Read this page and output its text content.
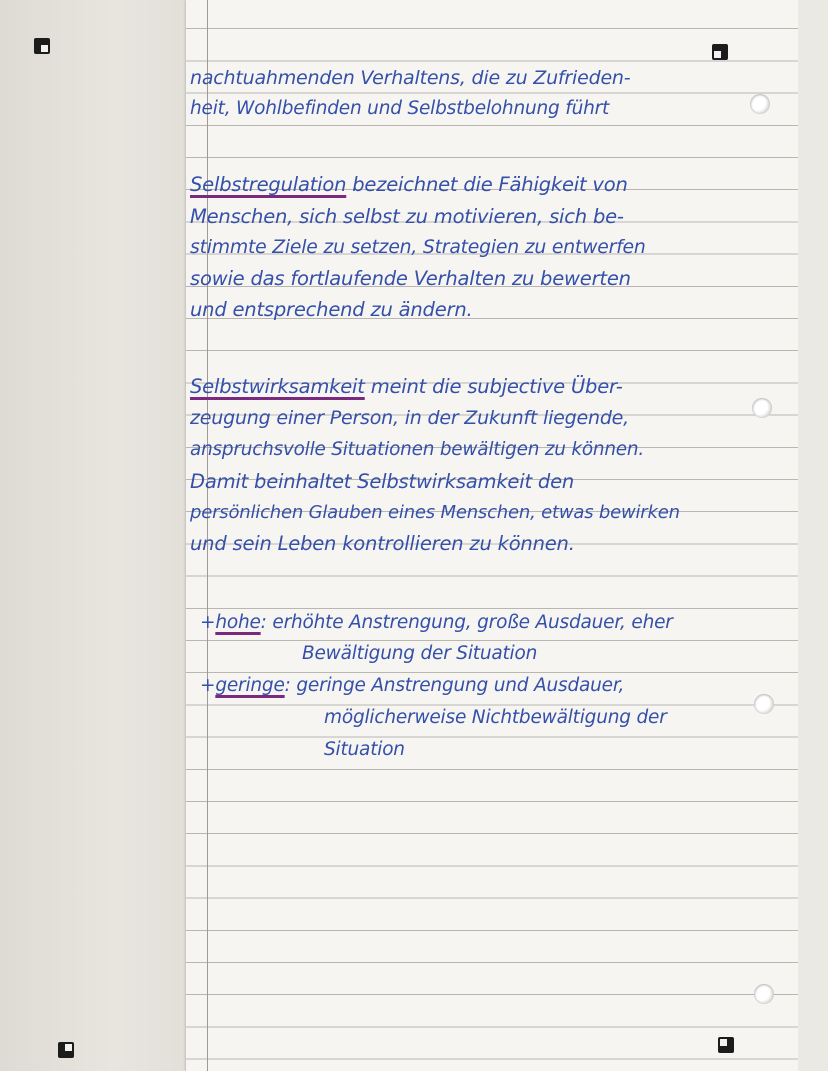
nachtuahmenden Verhaltens, die zu Zufrieden-
heit, Wohlbefinden und Selbstbelohnung führt
Selbstregulation bezeichnet die Fähigkeit von
Menschen, sich selbst zu motivieren, sich be-
stimmte Ziele zu setzen, Strategien zu entwerfen
sowie das fortlaufende Verhalten zu bewerten
und entsprechend zu ändern.
Selbstwirksamkeit meint die subjective Über-
zeugung einer Person, in der Zukunft liegende,
anspruchsvolle Situationen bewältigen zu können.
Damit beinhaltet Selbstwirksamkeit den
persönlichen Glauben eines Menschen, etwas bewirken
und sein Leben kontrollieren zu können.
+hohe: erhöhte Anstrengung, große Ausdauer, eher
Bewältigung der Situation
+geringe: geringe Anstrengung und Ausdauer,
möglicherweise Nichtbewältigung der
Situation
